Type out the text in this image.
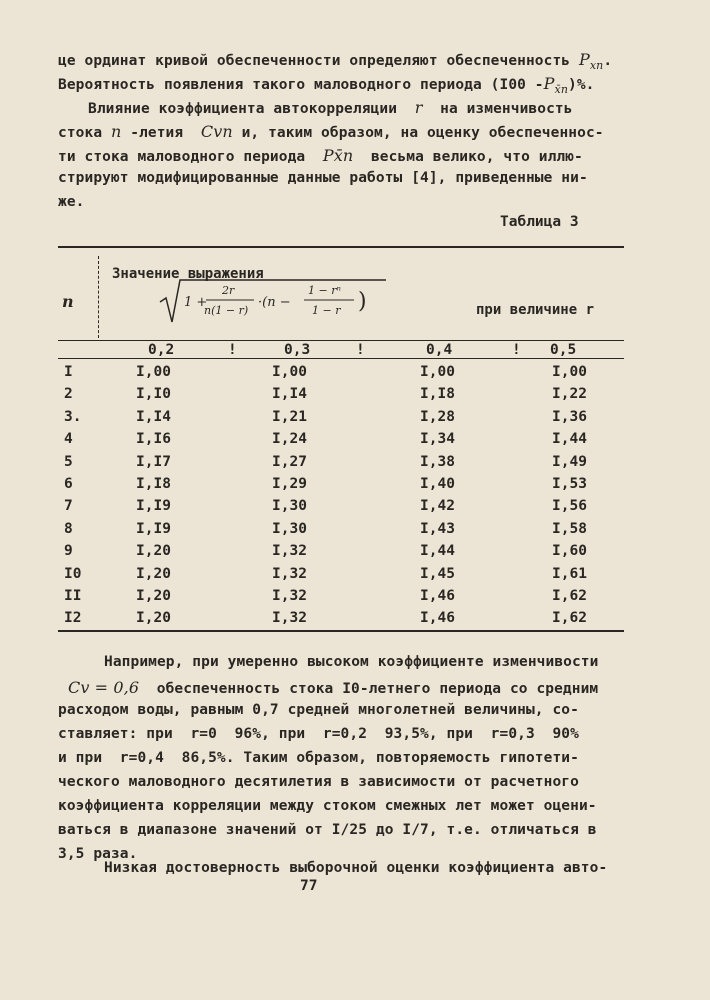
це ординат кривой обеспеченности определяют обеспеченность $P_{xn}$.
Вероятность появления такого маловодного периода (I00 $-P_{x̄n})\%$.
Влияние коэффициента автокорреляции  r  на изменчивость
стока n -летия  Cvn и, таким образом, на оценку обеспеченнос-
ти стока маловодного периода  Px̄n  весьма велико, что иллю-
стрируют модифицированные данные работы [4], приведенные ни-
же.
Таблица 3
n
Значение выражения
1 +
2r
n(1 − r)
·(n −
1 − rⁿ
1 − r )	при величине r
0,2	!	0,3	!	0,4	! 0,5
I	I,00	I,00	I,00	I,00
2	I,I0	I,I4	I,I8	I,22
3.	I,I4	I,21	I,28	I,36
4	I,I6	I,24	I,34	I,44
5	I,I7	I,27	I,38	I,49
6	I,I8	I,29	I,40	I,53
7	I,I9	I,30	I,42	I,56
8	I,I9	I,30	I,43	I,58
9	I,20	I,32	I,44	I,60
I0	I,20	I,32	I,45	I,61
II	I,20	I,32	I,46	I,62
I2	I,20	I,32	I,46	I,62
Например, при умеренно высоком коэффициенте изменчивости
Cv = 0,6  обеспеченность стока I0-летнего периода со средним
расходом воды, равным 0,7 средней многолетней величины, со-
ставляет: при  r=0  96%, при  r=0,2  93,5%, при  r=0,3  90%
и при  r=0,4  86,5%. Таким образом, повторяемость гипотети-
ческого маловодного десятилетия в зависимости от расчетного
коэффициента корреляции между стоком смежных лет может оцени-
ваться в диапазоне значений от I/25 до I/7, т.е. отличаться в
3,5 раза.
Низкая достоверность выборочной оценки коэффициента авто-
77
